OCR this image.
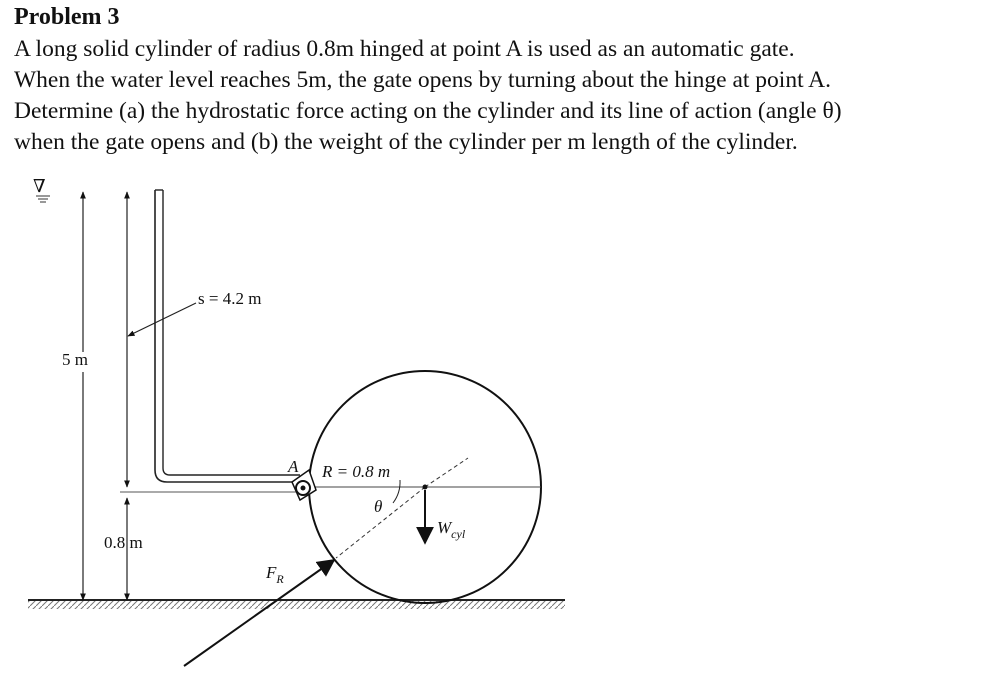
Problem 3
A long solid cylinder of radius 0.8m hinged at point A is used as an automatic gate.
When the water level reaches 5m, the gate opens by turning about the hinge at point A.
Determine (a) the hydrostatic force acting on the cylinder and its line of action (angle θ)
when the gate opens and (b) the weight of the cylinder per m length of the cylinder.
∇
5 m
s = 4.2 m
0.8 m
A R = 0.8 m
θ
$W_{cyl}$
$F_R$
